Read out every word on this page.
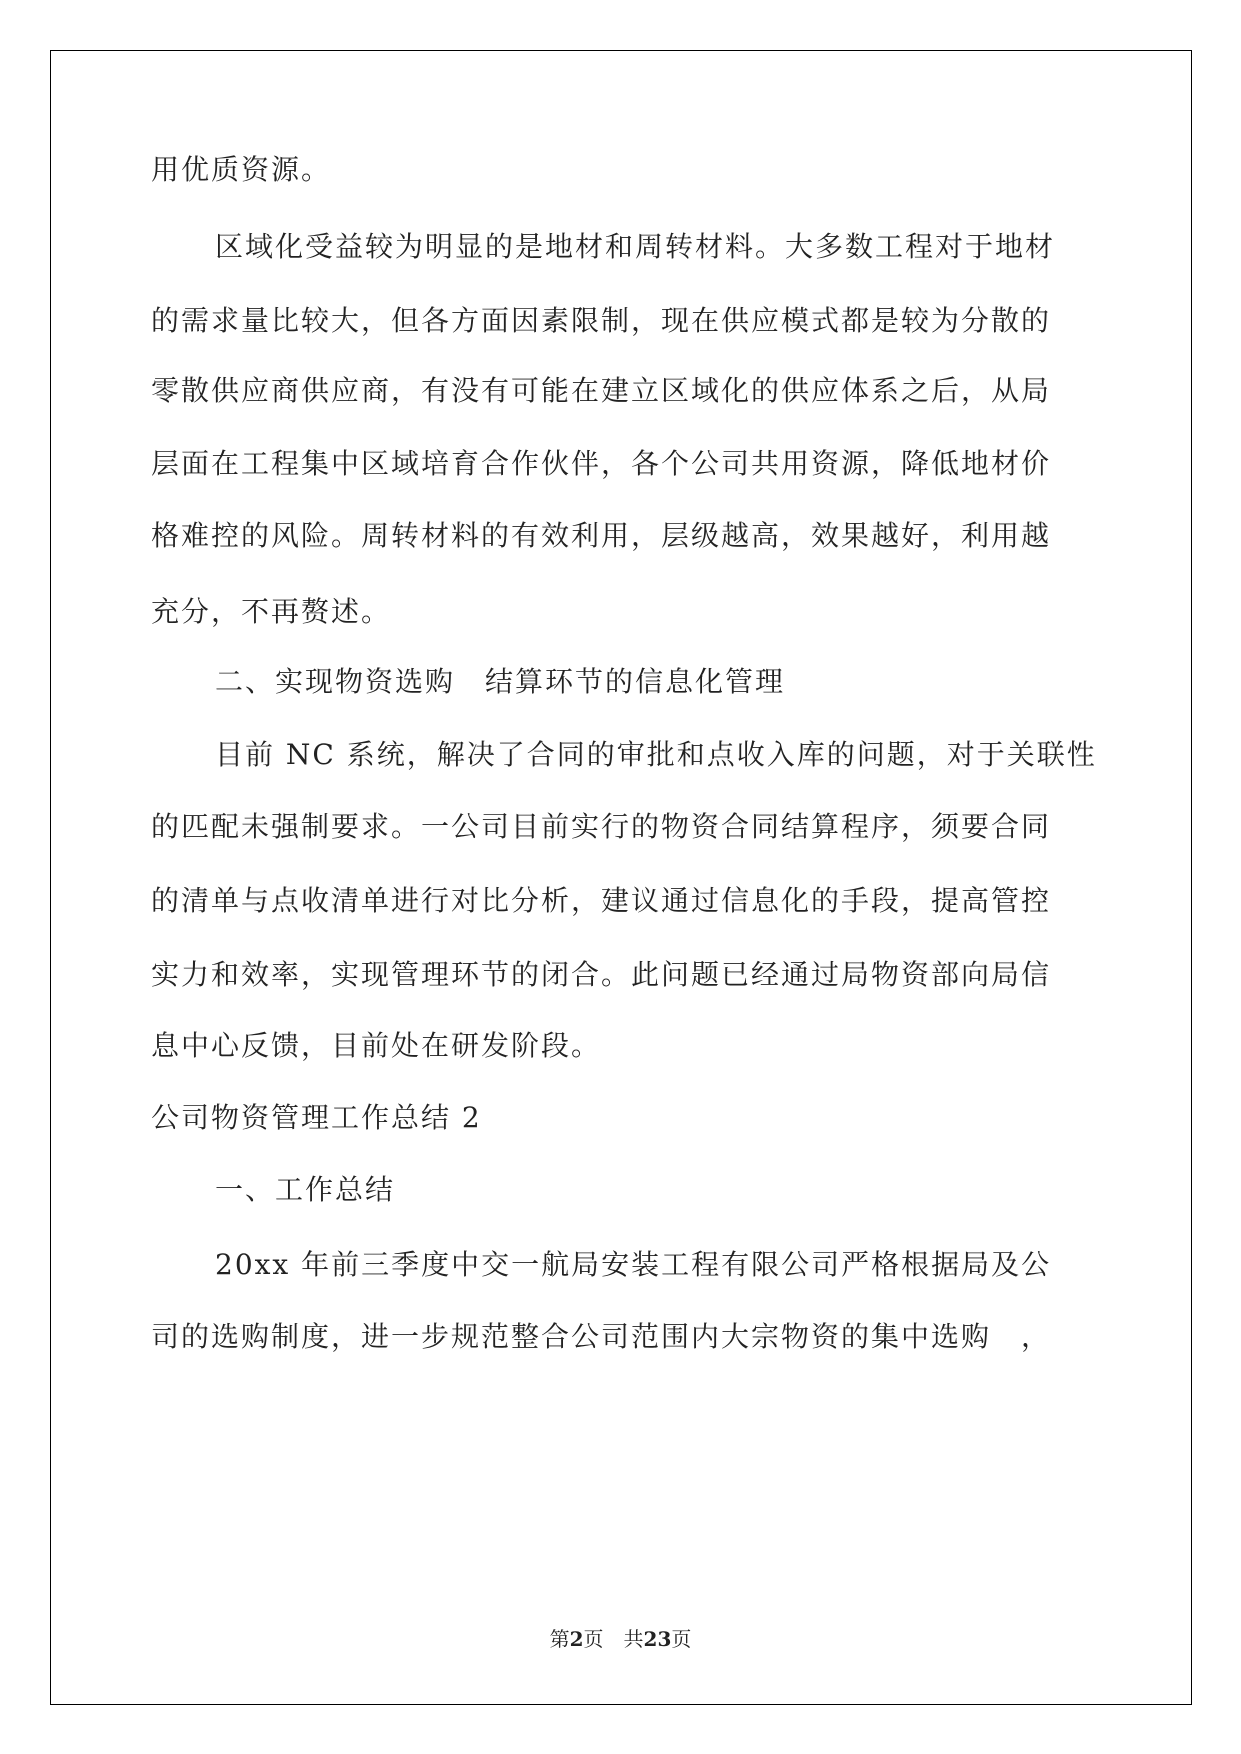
用优质资源。
区域化受益较为明显的是地材和周转材料。大多数工程对于地材
的需求量比较大，但各方面因素限制，现在供应模式都是较为分散的
零散供应商供应商，有没有可能在建立区域化的供应体系之后，从局
层面在工程集中区域培育合作伙伴，各个公司共用资源，降低地材价
格难控的风险。周转材料的有效利用，层级越高，效果越好，利用越
充分，不再赘述。
二、实现物资选购　结算环节的信息化管理
目前 NC 系统，解决了合同的审批和点收入库的问题，对于关联性
的匹配未强制要求。一公司目前实行的物资合同结算程序，须要合同
的清单与点收清单进行对比分析，建议通过信息化的手段，提高管控
实力和效率，实现管理环节的闭合。此问题已经通过局物资部向局信
息中心反馈，目前处在研发阶段。
公司物资管理工作总结 2
一、工作总结
20xx 年前三季度中交一航局安装工程有限公司严格根据局及公
司的选购制度，进一步规范整合公司范围内大宗物资的集中选购　，
第2页　共23页
